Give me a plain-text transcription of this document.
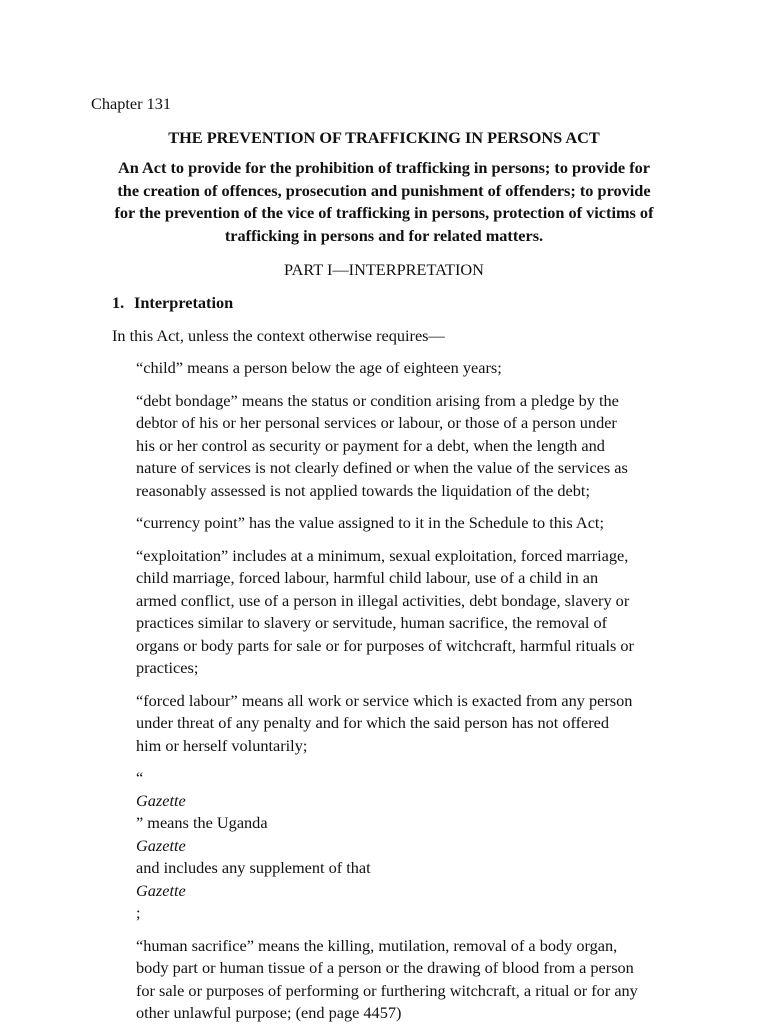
Chapter 131
THE PREVENTION OF TRAFFICKING IN PERSONS ACT
An Act to provide for the prohibition of trafficking in persons; to provide for
the creation of offences, prosecution and punishment of offenders; to provide
for the prevention of the vice of trafficking in persons, protection of victims of
trafficking in persons and for related matters.
PART I—INTERPRETATION
1. Interpretation
In this Act, unless the context otherwise requires—
“child” means a person below the age of eighteen years;
“debt bondage” means the status or condition arising from a pledge by the
debtor of his or her personal services or labour, or those of a person under
his or her control as security or payment for a debt, when the length and
nature of services is not clearly defined or when the value of the services as
reasonably assessed is not applied towards the liquidation of the debt;
“currency point” has the value assigned to it in the Schedule to this Act;
“exploitation” includes at a minimum, sexual exploitation, forced marriage,
child marriage, forced labour, harmful child labour, use of a child in an
armed conflict, use of a person in illegal activities, debt bondage, slavery or
practices similar to slavery or servitude, human sacrifice, the removal of
organs or body parts for sale or for purposes of witchcraft, harmful rituals or
practices;
“forced labour” means all work or service which is exacted from any person
under threat of any penalty and for which the said person has not offered
him or herself voluntarily;
“
Gazette
” means the Uganda
Gazette
and includes any supplement of that
Gazette
;
“human sacrifice” means the killing, mutilation, removal of a body organ,
body part or human tissue of a person or the drawing of blood from a person
for sale or purposes of performing or furthering witchcraft, a ritual or for any
other unlawful purpose; (end page 4457)
